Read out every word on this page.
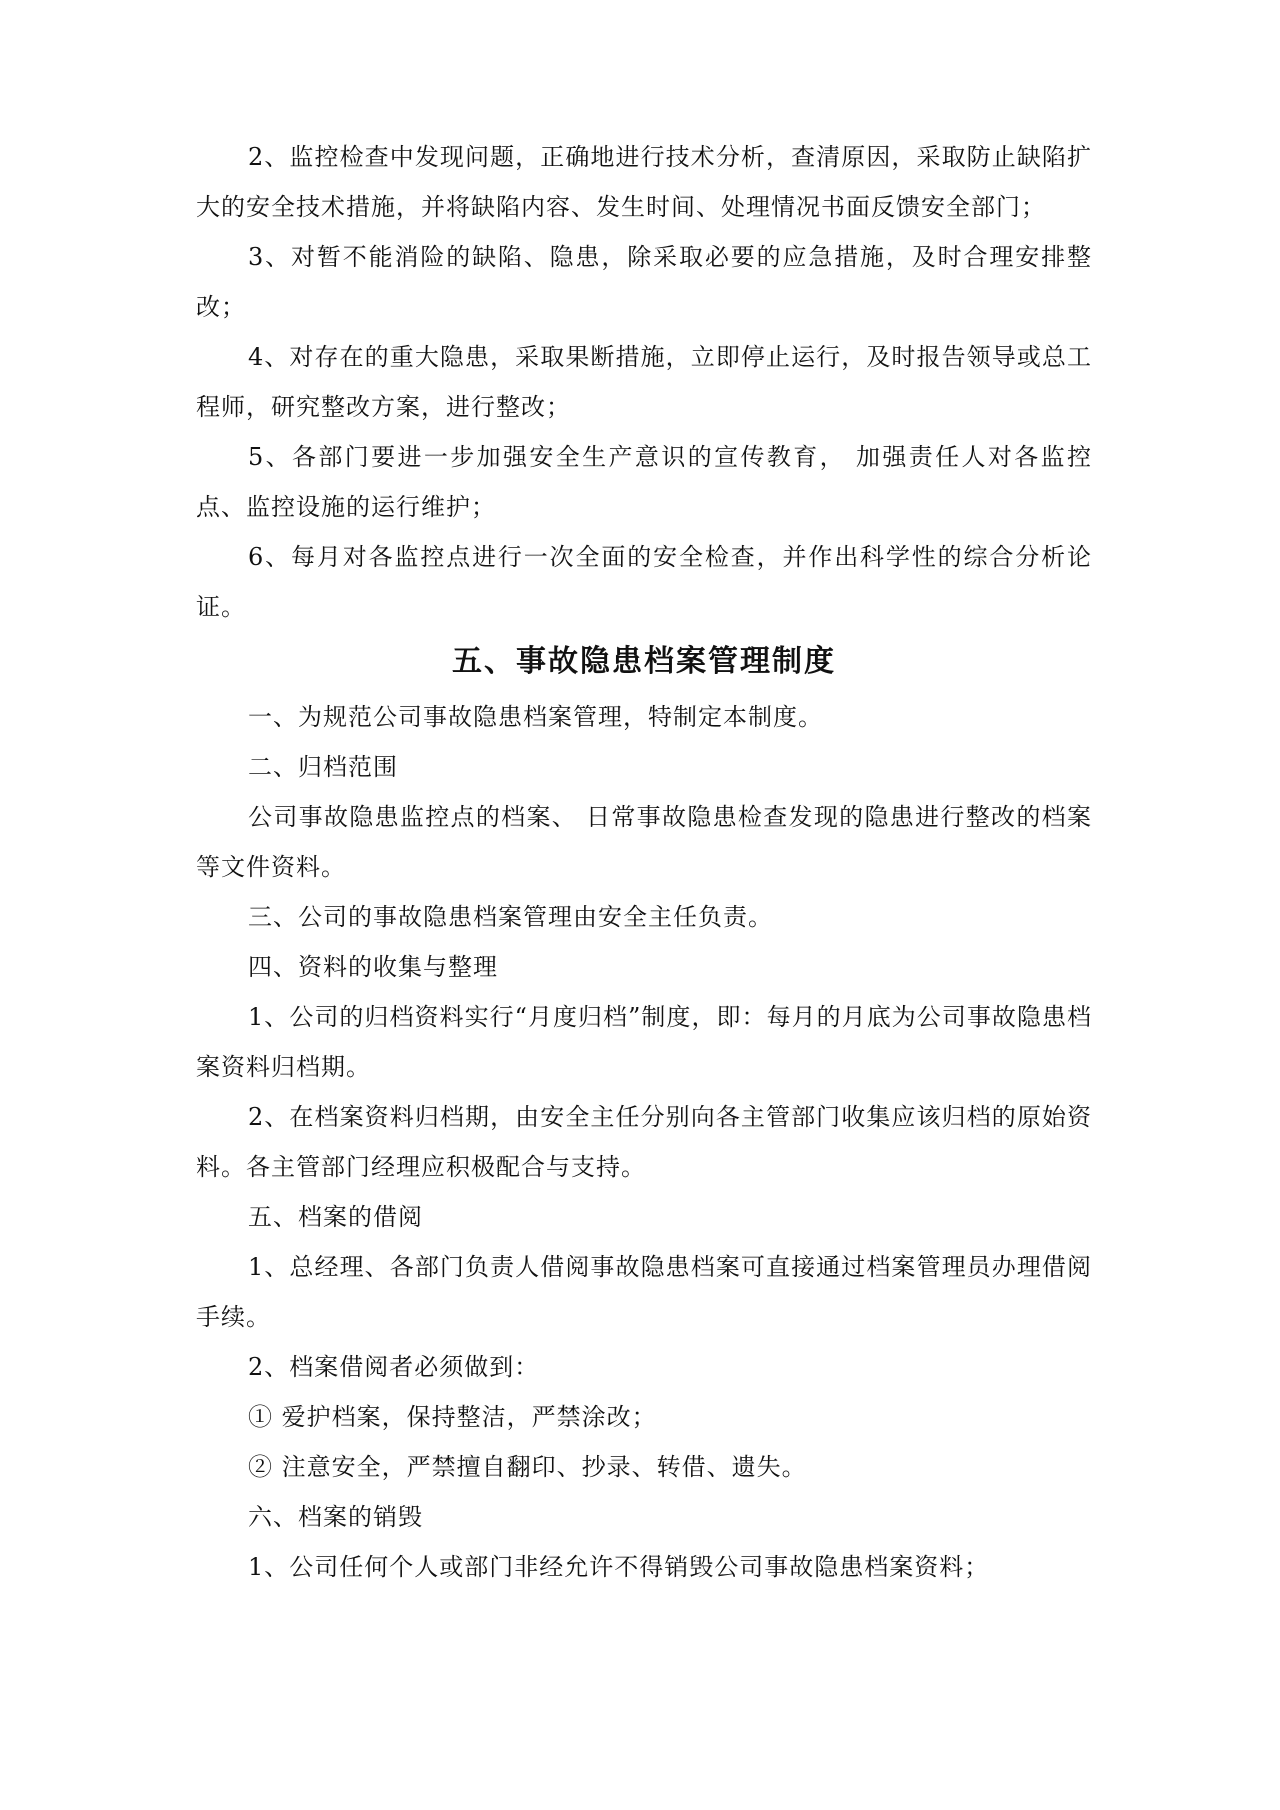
2、监控检查中发现问题，正确地进行技术分析，查清原因，采取防止缺陷扩大的安全技术措施，并将缺陷内容、发生时间、处理情况书面反馈安全部门；

3、对暂不能消险的缺陷、隐患，除采取必要的应急措施，及时合理安排整改；

4、对存在的重大隐患，采取果断措施，立即停止运行，及时报告领导或总工程师，研究整改方案，进行整改；

5、各部门要进一步加强安全生产意识的宣传教育， 加强责任人对各监控点、监控设施的运行维护；

6、每月对各监控点进行一次全面的安全检查，并作出科学性的综合分析论证。

五、事故隐患档案管理制度

一、为规范公司事故隐患档案管理，特制定本制度。

二、归档范围

公司事故隐患监控点的档案、 日常事故隐患检查发现的隐患进行整改的档案等文件资料。

三、公司的事故隐患档案管理由安全主任负责。

四、资料的收集与整理

1、公司的归档资料实行“月度归档”制度，即：每月的月底为公司事故隐患档案资料归档期。

2、在档案资料归档期，由安全主任分别向各主管部门收集应该归档的原始资料。各主管部门经理应积极配合与支持。

五、档案的借阅

1、总经理、各部门负责人借阅事故隐患档案可直接通过档案管理员办理借阅手续。

2、档案借阅者必须做到：

① 爱护档案，保持整洁，严禁涂改；

② 注意安全，严禁擅自翻印、抄录、转借、遗失。

六、档案的销毁

1、公司任何个人或部门非经允许不得销毁公司事故隐患档案资料；
